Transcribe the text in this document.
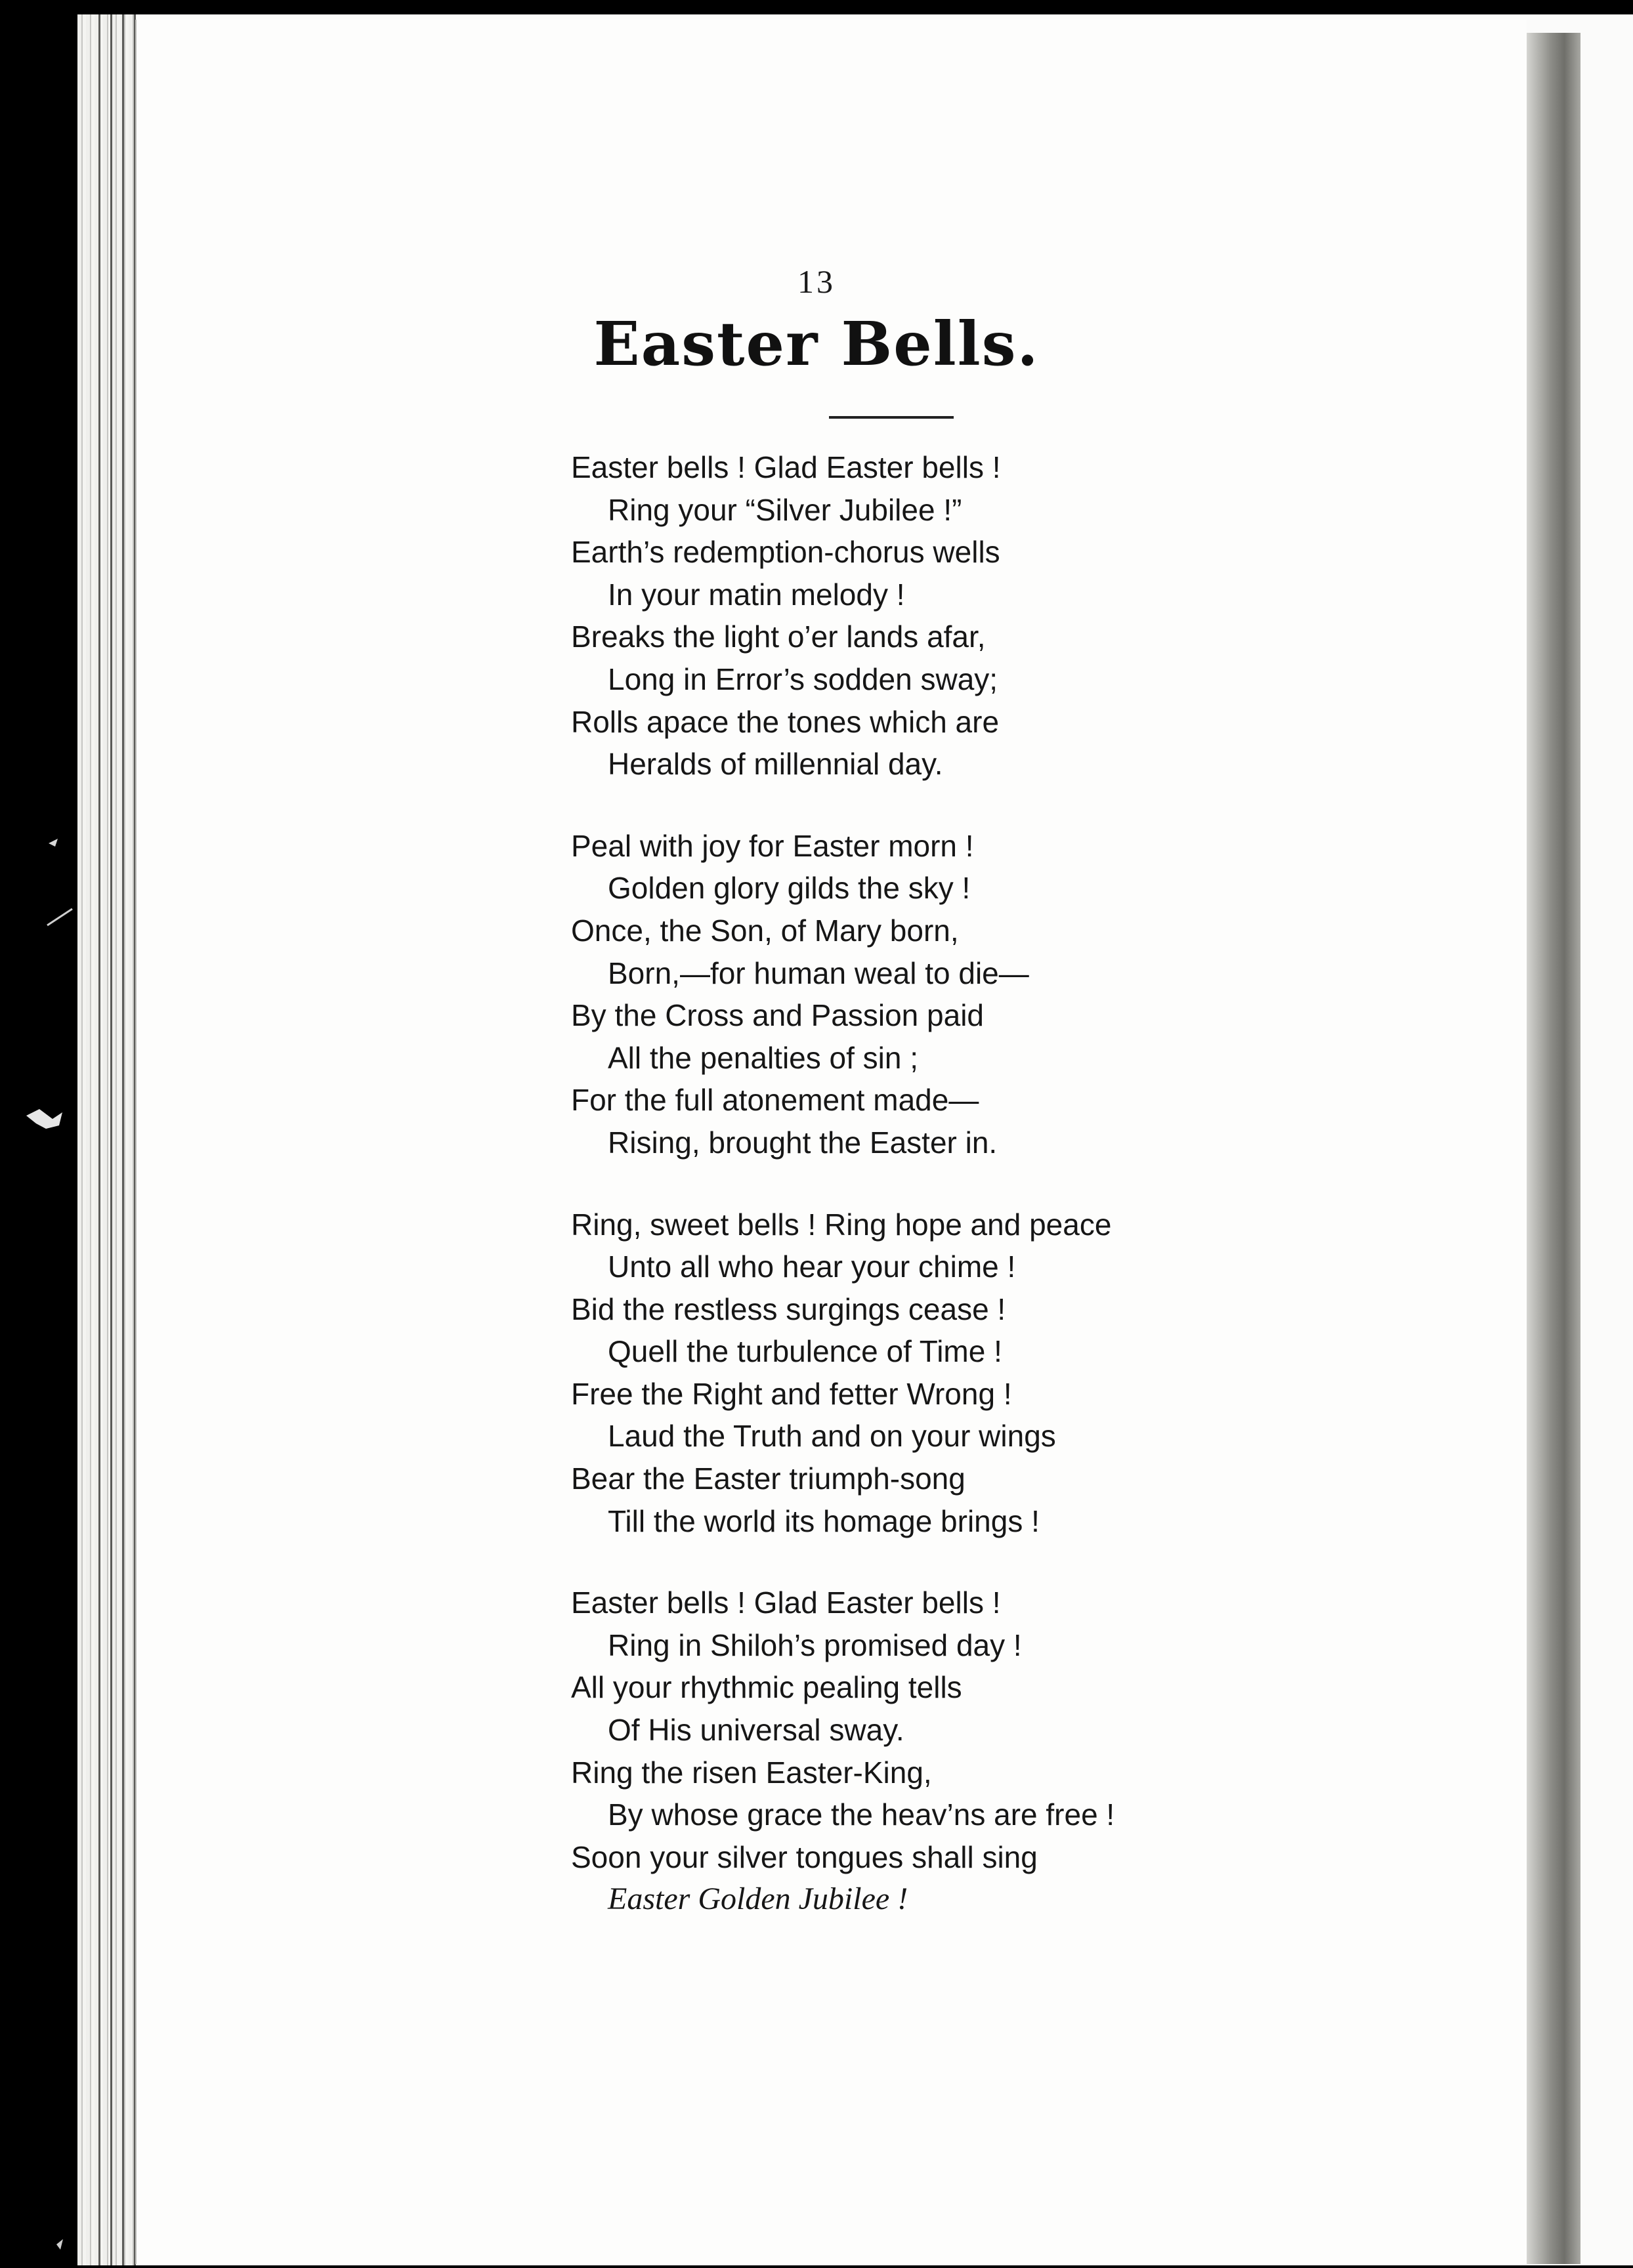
13
Easter Bells.
Easter bells ! Glad Easter bells !
Ring your “Silver Jubilee !”
Earth’s redemption-chorus wells
In your matin melody !
Breaks the light o’er lands afar,
Long in Error’s sodden sway;
Rolls apace the tones which are
Heralds of millennial day.
Peal with joy for Easter morn !
Golden glory gilds the sky !
Once, the Son, of Mary born,
Born,—for human weal to die—
By the Cross and Passion paid
All the penalties of sin ;
For the full atonement made—
Rising, brought the Easter in.
Ring, sweet bells ! Ring hope and peace
Unto all who hear your chime !
Bid the restless surgings cease !
Quell the turbulence of Time !
Free the Right and fetter Wrong !
Laud the Truth and on your wings
Bear the Easter triumph-song
Till the world its homage brings !
Easter bells ! Glad Easter bells !
Ring in Shiloh’s promised day !
All your rhythmic pealing tells
Of His universal sway.
Ring the risen Easter-King,
By whose grace the heav’ns are free !
Soon your silver tongues shall sing
Easter Golden Jubilee !
